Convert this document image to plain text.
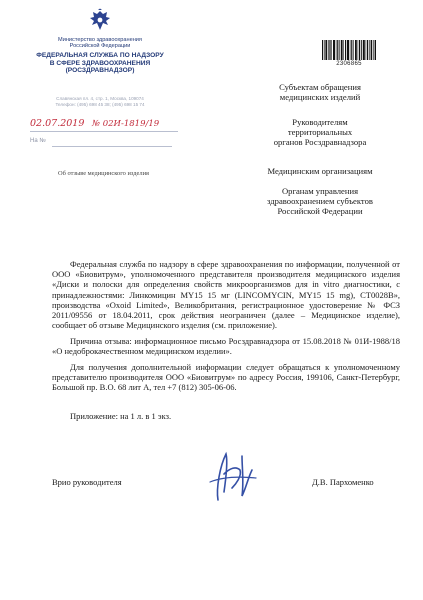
Министерство здравоохранения
Российской Федерации
ФЕДЕРАЛЬНАЯ СЛУЖБА ПО НАДЗОРУ
В СФЕРЕ ЗДРАВООХРАНЕНИЯ
(РОСЗДРАВНАДЗОР)
Славянская пл. 4, стр. 1, Москва, 109074
Телефон: (495) 698 45 38; (495) 698 15 74
02.07.2019 № 02И-1819/19
На №
Об отзыве медицинского изделия
2306865
Субъектам обращения
медицинских изделий
Руководителям
территориальных
органов Росздравнадзора
Медицинским организациям
Органам управления
здравоохранением субъектов
Российской Федерации
Федеральная служба по надзору в сфере здравоохранения по информации, полученной от ООО «Биовитрум», уполномоченного представителя производителя медицинского изделия «Диски и полоски для определения свойств микроорганизмов для in vitro диагностики, с принадлежностями: Линкомицин MY15 15 мг (LINCOMYCIN, MY15 15 mg), CT0028B», производства «Oxoid Limited», Великобритания, регистрационное удостоверение № ФСЗ 2011/09556 от 18.04.2011, срок действия неограничен (далее – Медицинское изделие), сообщает об отзыве Медицинского изделия (см. приложение).
Причина отзыва: информационное письмо Росздравнадзора от 15.08.2018 № 01И-1988/18 «О недоброкачественном медицинском изделии».
Для получения дополнительной информации следует обращаться к уполномоченному представителю производителя ООО «Биовитрум» по адресу Россия, 199106, Санкт-Петербург, Большой пр. В.О. 68 лит А, тел +7 (812) 305-06-06.
Приложение: на 1 л. в 1 экз.
Врио руководителя	Д.В. Пархоменко
